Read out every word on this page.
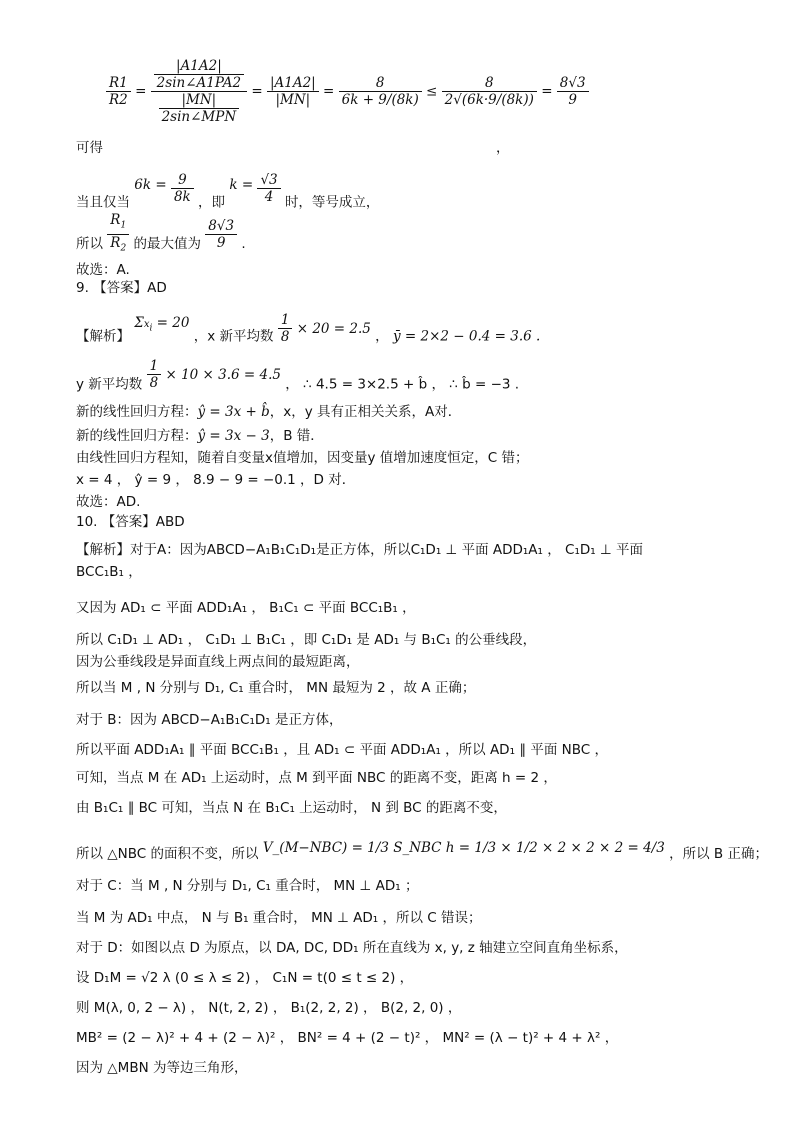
$\frac{R1}{R2} = \frac{\frac{|A1A2|}{2\sin\angle A1PA2}}{\frac{|MN|}{\text{2sin∠MPN}}} = \frac{|A1A2|}{|MN|} = \frac{8}{6k + 9/(8k)} \le \frac{8}{2√(6k\cdot 9/(8k))} = \frac{8√3}{9}$
可得	，
当且仅当 $6k = \frac{9}{8k}$ ，即 $k = \frac{√3}{4}$ 时，等号成立，
所以 $\frac{R_1}{R_2}$ 的最大值为 $\frac{8√3}{9}$ .
故选：A.
9. 【答案】AD
【解析】 $\Sigma x_i = 20$ ，x 新平均数 $\frac{1}{8} \times 20 = 2.5$ ， ȳ = 2×2 − 0.4 = 3.6 .
y 新平均数 $\frac{1}{8} \times 10 \times 3.6 = 4.5$ ， ∴ 4.5 = 3×2.5 + b̂ ， ∴ b̂ = −3 .
新的线性回归方程：ŷ = 3x + b̂，x，y 具有正相关关系，A对．
新的线性回归方程：ŷ = 3x − 3，B 错．
由线性回归方程知，随着自变量x值增加，因变量y 值增加速度恒定，C 错；
x = 4 ， ŷ = 9 ， 8.9 − 9 = −0.1 ，D 对．
故选：AD.
10. 【答案】ABD
【解析】对于A：因为ABCD−A₁B₁C₁D₁是正方体，所以C₁D₁ ⊥ 平面 ADD₁A₁ ， C₁D₁ ⊥ 平面
BCC₁B₁ ，
又因为 AD₁ ⊂ 平面 ADD₁A₁ ， B₁C₁ ⊂ 平面 BCC₁B₁ ，
所以 C₁D₁ ⊥ AD₁ ， C₁D₁ ⊥ B₁C₁ ，即 C₁D₁ 是 AD₁ 与 B₁C₁ 的公垂线段，
因为公垂线段是异面直线上两点间的最短距离，
所以当 M , N 分别与 D₁, C₁ 重合时， MN 最短为 2 ，故 A 正确；
对于 B：因为 ABCD−A₁B₁C₁D₁ 是正方体，
所以平面 ADD₁A₁ ∥ 平面 BCC₁B₁ ，且 AD₁ ⊂ 平面 ADD₁A₁ ，所以 AD₁ ∥ 平面 NBC ，
可知，当点 M 在 AD₁ 上运动时，点 M 到平面 NBC 的距离不变，距离 h = 2 ，
由 B₁C₁ ∥ BC 可知，当点 N 在 B₁C₁ 上运动时， N 到 BC 的距离不变，
所以 △NBC 的面积不变，所以 V_(M−NBC) = 1/3 S_NBC h = 1/3 × 1/2 × 2 × 2 × 2 = 4/3 ，所以 B 正确；
对于 C：当 M , N 分别与 D₁, C₁ 重合时， MN ⊥ AD₁ ；
当 M 为 AD₁ 中点， N 与 B₁ 重合时， MN ⊥ AD₁ ，所以 C 错误；
对于 D：如图以点 D 为原点，以 DA, DC, DD₁ 所在直线为 x, y, z 轴建立空间直角坐标系，
设 D₁M = √2 λ (0 ≤ λ ≤ 2) ， C₁N = t(0 ≤ t ≤ 2) ，
则 M(λ, 0, 2 − λ) ， N(t, 2, 2) ， B₁(2, 2, 2) ， B(2, 2, 0) ，
MB² = (2 − λ)² + 4 + (2 − λ)² ， BN² = 4 + (2 − t)² ， MN² = (λ − t)² + 4 + λ² ，
因为 △MBN 为等边三角形，
R1/R2 = (|A1A2| / 2sin∠A1PA2) / (|MN| / 2sin∠MPN) = |A1A2|/|MN| = 8/(6k + 9/(8k)) ≤ 8/(2√(6k·9/(8k))) = 8√3/9 Σ x_i = 20 (i=1..10)
